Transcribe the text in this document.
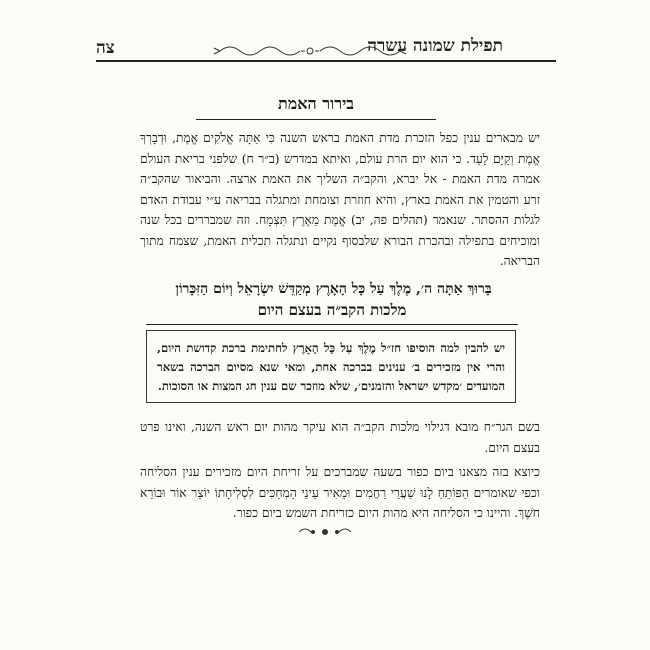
תפילת שמונה עשרה
צה
בירור האמת
יש מבארים ענין כפל הזכרת מדת האמת בראש השנה כִּי אַתָּה אֱלֹקִים אֱמֶת, וּדְבָרְךָ אֱמֶת וְקַיָּם לָעַד. כי הוא יום הרת עולם, ואיתא במדרש (ב״ר ח) שלפני בריאת העולם אמרה מדת האמת - אל יברא, והקב״ה השליך את האמת ארצה. והביאור שהקב״ה זרע והטמין את האמת בארץ, והיא חוזרת וצומחת ומתגלה בבריאה ע״י עבודת האדם לגלות ההסתר. שנאמר (תהלים פה, יב) אֱמֶת מֵאֶרֶץ תִּצְמָח. וזה שמבררים בכל שנה ומוכיחים בתפילה ובהכרת הבורא שלבסוף נקיים ונתגלה תכלית האמת, שצמח מתוך הבריאה.
בָּרוּךְ אַתָּה ה׳, מֶלֶךְ עַל כָּל הָאָרֶץ מְקַדֵּשׁ יִשְׂרָאֵל וְיוֹם הַזִּכָּרוֹן
מלכות הקב״ה בעצם היום
יש להבין למה הוסיפו חז״ל מֶלֶךְ עַל כָּל הָאָרֶץ לחתימת ברכת קדושת היום, והרי אין מזכירים ב׳ ענינים בברכה אחת, ומאי שנא מסיום הברכה בשאר המועדים ׳מקדש ישראל והזמנים׳, שלא מוזכר שם ענין חג המצות או הסוכות.
בשם הגר״ח מובא דגילוי מלכות הקב״ה הוא עיקר מהות יום ראש השנה, ואינו פרט בעצם היום.
כיוצא בזה מצאנו ביום כפור בשעה שמברכים על זריחת היום מזכירים ענין הסליחה וכפי שאומרים הַפּוֹתֵחַ לָנוּ שַׁעֲרֵי רַחֲמִים וּמֵאִיר עֵינֵי הַמְחַכִּים לִסְלִיחָתוֹ יוֹצֵר אוֹר וּבוֹרֵא חֹשֶׁךְ. והיינו כי הסליחה היא מהות היום כזריחת השמש ביום כפור.
